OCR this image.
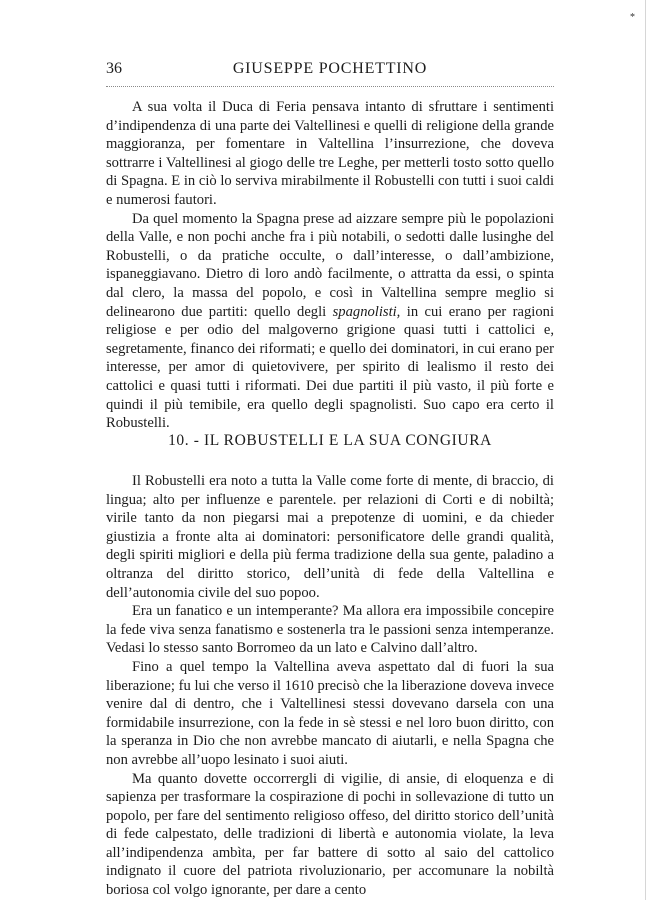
*
36	GIUSEPPE POCHETTINO

A sua volta il Duca di Feria pensava intanto di sfruttare i sentimenti d’indipendenza di una parte dei Valtellinesi e quelli di religione della grande maggioranza, per fomentare in Valtellina l’insurrezione, che doveva sottrarre i Valtellinesi al giogo delle tre Leghe, per metterli tosto sotto quello di Spagna. E in ciò lo serviva mirabilmente il Robustelli con tutti i suoi caldi e numerosi fautori.

Da quel momento la Spagna prese ad aizzare sempre più le popolazioni della Valle, e non pochi anche fra i più notabili, o sedotti dalle lusinghe del Robustelli, o da pratiche occulte, o dall’interesse, o dall’ambizione, ispaneggiavano. Dietro di loro andò facilmente, o attratta da essi, o spinta dal clero, la massa del popolo, e così in Valtellina sempre meglio si delinearono due partiti: quello degli spagnolisti, in cui erano per ragioni religiose e per odio del malgoverno grigione quasi tutti i cattolici e, segretamente, financo dei riformati; e quello dei dominatori, in cui erano per interesse, per amor di quietovivere, per spirito di lealismo il resto dei cattolici e quasi tutti i riformati. Dei due partiti il più vasto, il più forte e quindi il più temibile, era quello degli spagnolisti. Suo capo era certo il Robustelli.

10. - IL ROBUSTELLI E LA SUA CONGIURA

Il Robustelli era noto a tutta la Valle come forte di mente, di braccio, di lingua; alto per influenze e parentele. per relazioni di Corti e di nobiltà; virile tanto da non piegarsi mai a prepotenze di uomini, e da chieder giustizia a fronte alta ai dominatori: personificatore delle grandi qualità, degli spiriti migliori e della più ferma tradizione della sua gente, paladino a oltranza del diritto storico, dell’unità di fede della Valtellina e dell’autonomia civile del suo popoo.

Era un fanatico e un intemperante? Ma allora era impossibile concepire la fede viva senza fanatismo e sostenerla tra le passioni senza intemperanze. Vedasi lo stesso santo Borromeo da un lato e Calvino dall’altro.

Fino a quel tempo la Valtellina aveva aspettato dal di fuori la sua liberazione; fu lui che verso il 1610 precisò che la liberazione doveva invece venire dal di dentro, che i Valtellinesi stessi dovevano darsela con una formidabile insurrezione, con la fede in sè stessi e nel loro buon diritto, con la speranza in Dio che non avrebbe mancato di aiutarli, e nella Spagna che non avrebbe all’uopo lesinato i suoi aiuti.

Ma quanto dovette occorrergli di vigilie, di ansie, di eloquenza e di sapienza per trasformare la cospirazione di pochi in sollevazione di tutto un popolo, per fare del sentimento religioso offeso, del diritto storico dell’unità di fede calpestato, delle tradizioni di libertà e autonomia violate, la leva all’indipendenza ambìta, per far battere di sotto al saio del cattolico indignato il cuore del patriota rivoluzionario, per accomunare la nobiltà boriosa col volgo ignorante, per dare a cento
